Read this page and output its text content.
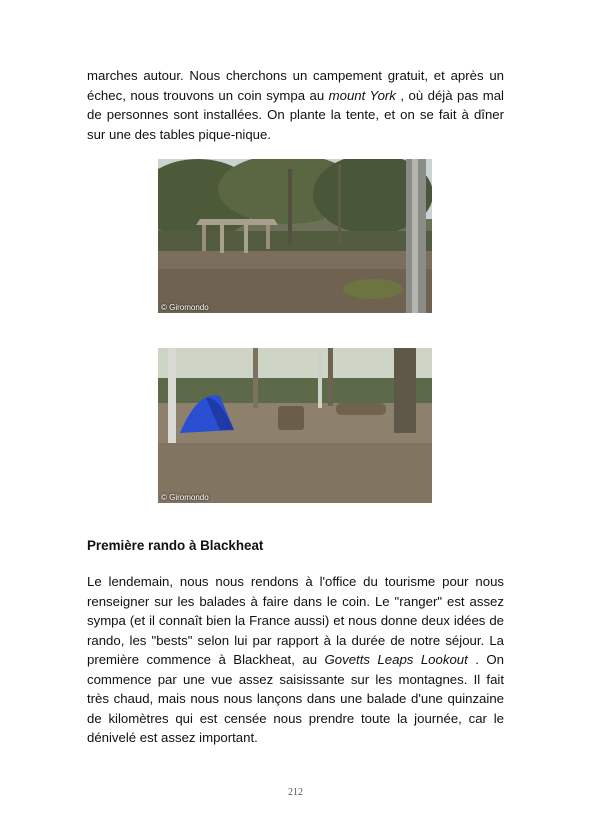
marches autour. Nous cherchons un campement gratuit, et après un échec, nous trouvons un coin sympa au mount York , où déjà pas mal de personnes sont installées. On plante la tente, et on se fait à dîner sur une des tables pique-nique.

© Giromondo
© Giromondo
Première rando à Blackheat

Le lendemain, nous nous rendons à l'office du tourisme pour nous renseigner sur les balades à faire dans le coin. Le "ranger" est assez sympa (et il connaît bien la France aussi) et nous donne deux idées de rando, les "bests" selon lui par rapport à la durée de notre séjour. La première commence à Blackheat, au Govetts Leaps Lookout . On commence par une vue assez saisissante sur les montagnes. Il fait très chaud, mais nous nous lançons dans une balade d'une quinzaine de kilomètres qui est censée nous prendre toute la journée, car le dénivelé est assez important.

212
